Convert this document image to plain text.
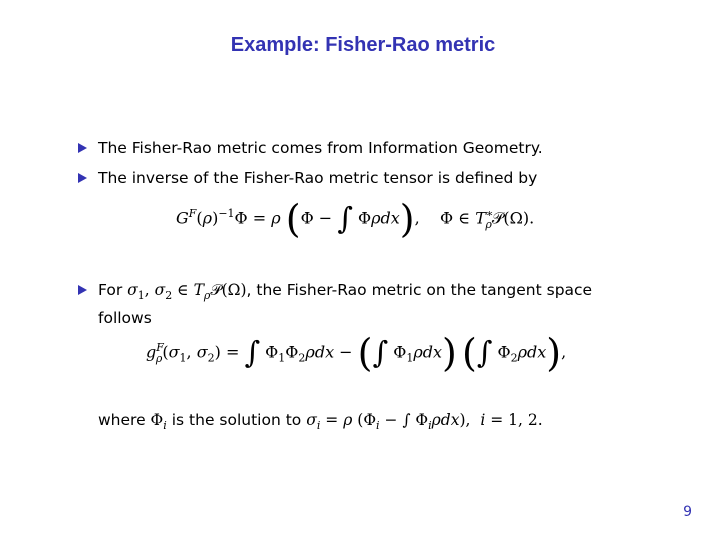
Example: Fisher-Rao metric
The Fisher-Rao metric comes from Information Geometry.
The inverse of the Fisher-Rao metric tensor is defined by
$G^F(\rho)^{-1}\Phi = \rho$ (Φ − ∫ Φρdx),    Φ ∈ $T^∗_\rho 𝒫(\Omega)$.
For $\sigma_1$, $\sigma_2$ ∈ $T_\rho 𝒫(\Omega)$, the Fisher-Rao metric on the tangent space
follows
$g^F_\rho(\sigma_1$, $\sigma_2$) = ∫ $\Phi_1\Phi_2\rho dx$ − (∫ $\Phi_1\rho dx$) (∫ $\Phi_2\rho dx$),
where $\Phi_i$ is the solution to $\sigma_i = \rho$ ($\Phi_i$ − ∫ $\Phi_i\rho dx$), i = 1, 2.
9
